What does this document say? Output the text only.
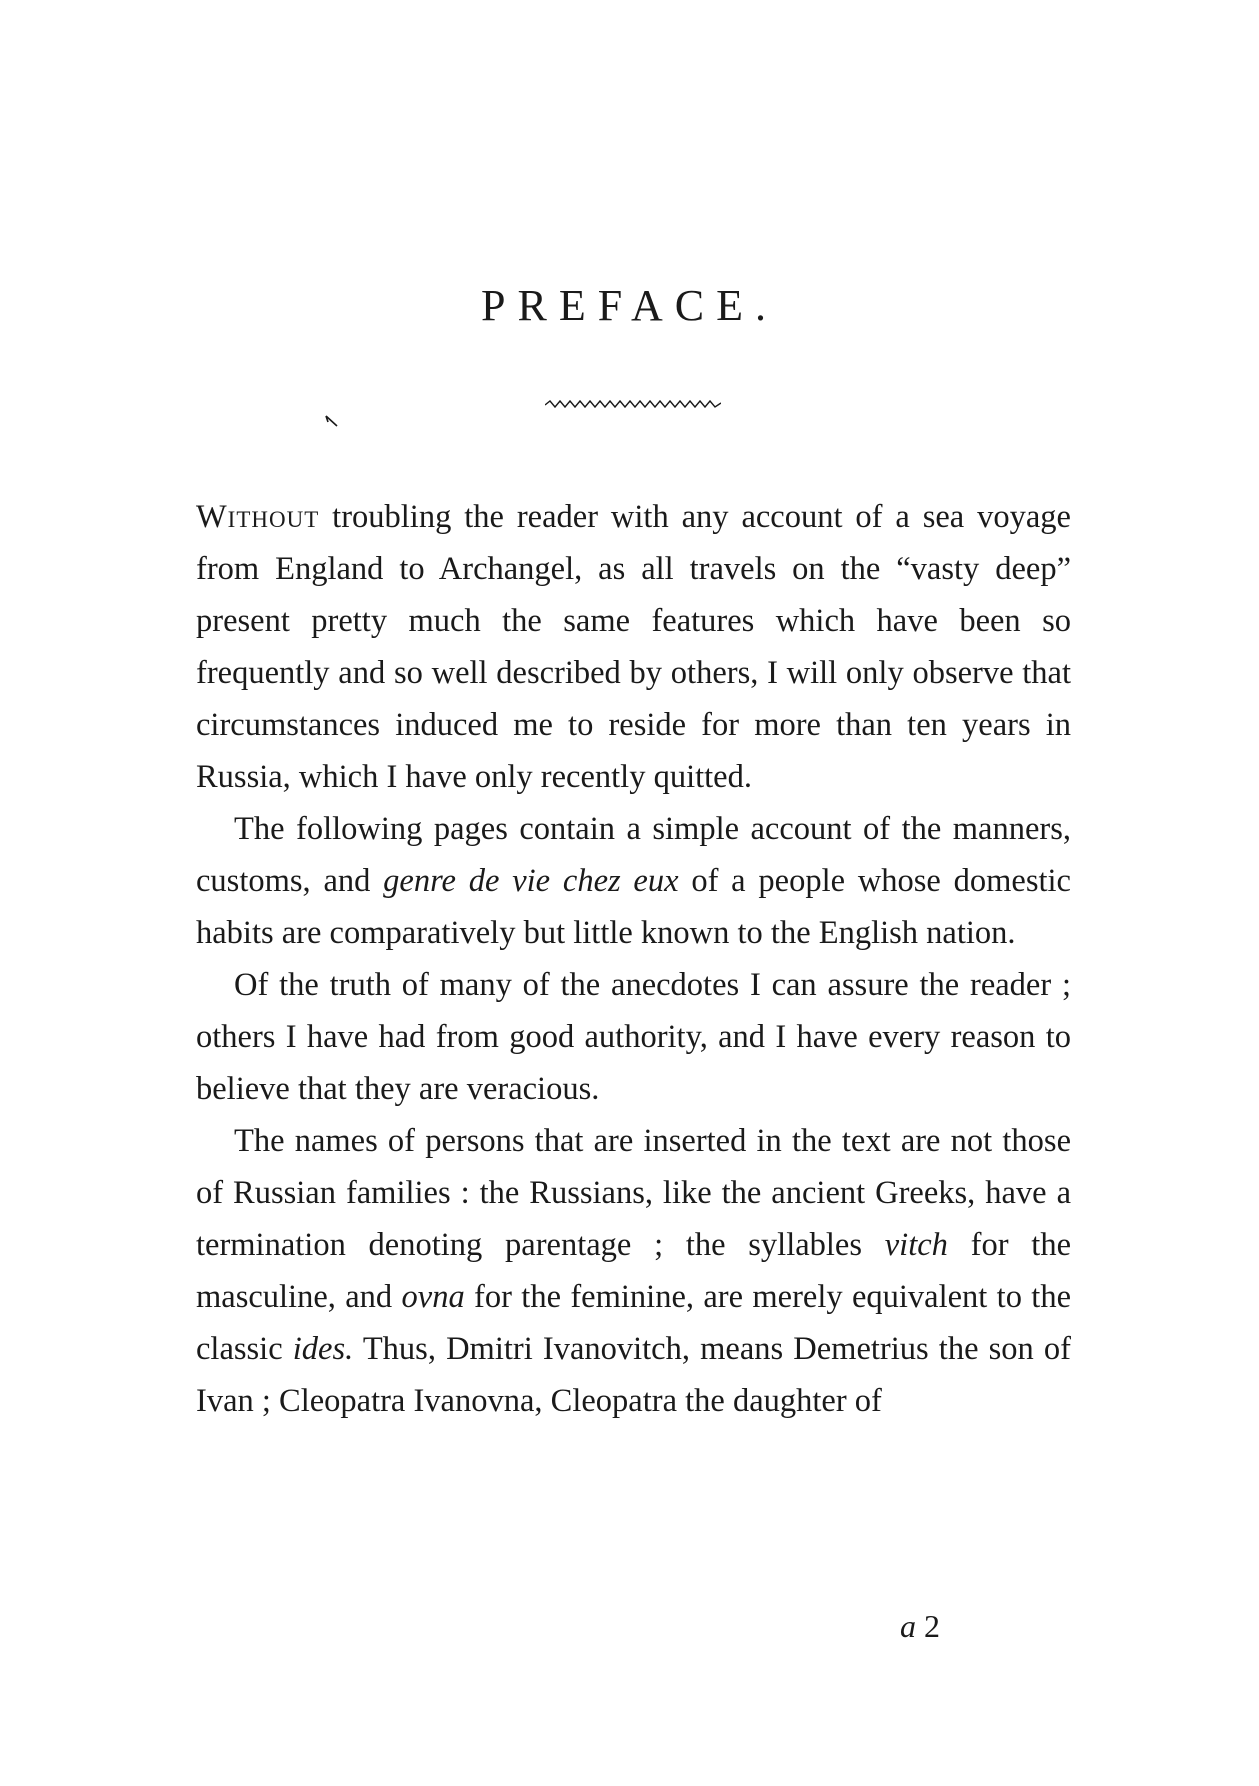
PREFACE.

Without troubling the reader with any account of a sea voyage from England to Archangel, as all travels on the “vasty deep” present pretty much the same features which have been so frequently and so well described by others, I will only observe that circumstances induced me to reside for more than ten years in Russia, which I have only recently quitted.

The following pages contain a simple account of the manners, customs, and genre de vie chez eux of a people whose domestic habits are comparatively but little known to the English nation.

Of the truth of many of the anecdotes I can assure the reader ; others I have had from good authority, and I have every reason to believe that they are veracious.

The names of persons that are inserted in the text are not those of Russian families : the Russians, like the ancient Greeks, have a termination denoting parentage ; the syllables vitch for the masculine, and ovna for the feminine, are merely equivalent to the classic ides. Thus, Dmitri Ivanovitch, means Demetrius the son of Ivan ; Cleopatra Ivanovna, Cleopatra the daughter of

a 2
